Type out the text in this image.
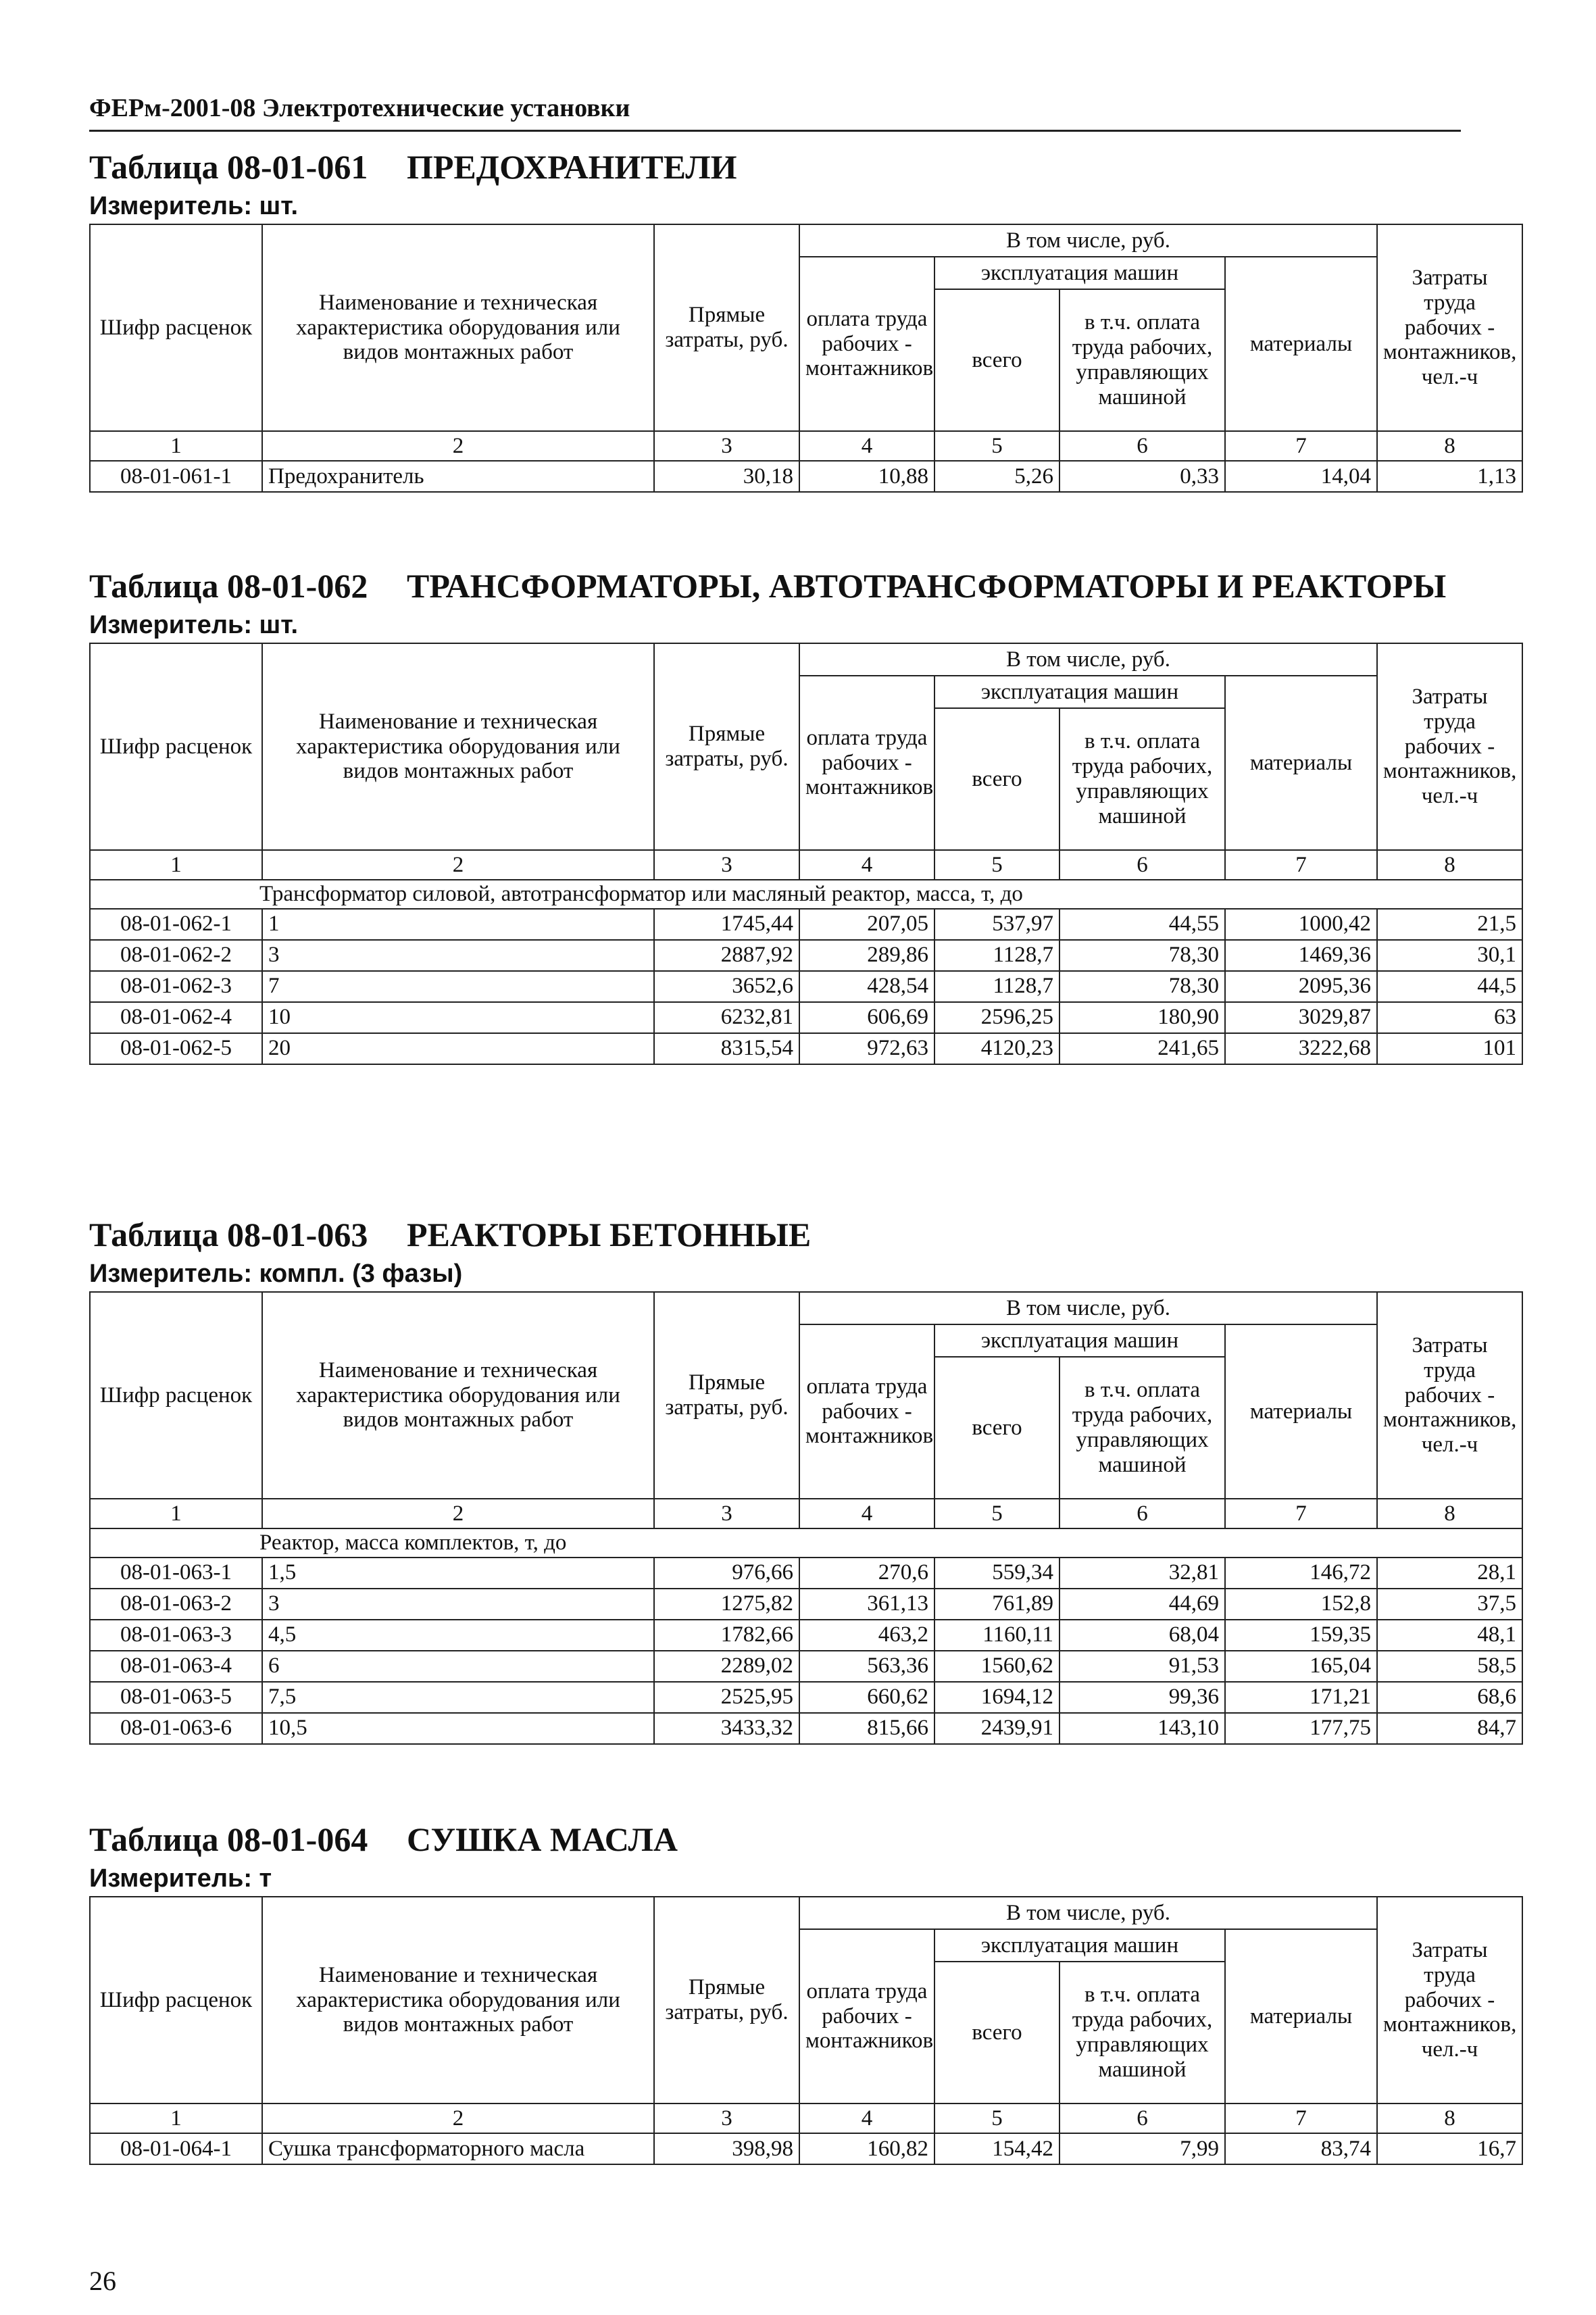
ФЕРм-2001-08 Электротехнические установки
Таблица 08-01-061 ПРЕДОХРАНИТЕЛИ
Измеритель: шт.
Шифр расценок	Наименование и техническая характеристика оборудования или видов монтажных работ	Прямые затраты, руб.	В том числе, руб.				Затраты труда рабочих - монтажников, чел.-ч
			оплата труда рабочих - монтажников	эксплуатация машин		материалы	
				всего	в т.ч. оплата труда рабочих, управляющих машиной		
1	2	3	4	5	6	7	8
08-01-061-1	Предохранитель	30,18	10,88	5,26	0,33	14,04	1,13
Таблица 08-01-062 ТРАНСФОРМАТОРЫ, АВТОТРАНСФОРМАТОРЫ И РЕАКТОРЫ
Измеритель: шт.
Шифр расценок	Наименование и техническая характеристика оборудования или видов монтажных работ	Прямые затраты, руб.	В том числе, руб.				Затраты труда рабочих - монтажников, чел.-ч
			оплата труда рабочих - монтажников	эксплуатация машин		материалы	
				всего	в т.ч. оплата труда рабочих, управляющих машиной		
1	2	3	4	5	6	7	8
Трансформатор силовой, автотрансформатор или масляный реактор, масса, т, до							
08-01-062-1	1	1745,44	207,05	537,97	44,55	1000,42	21,5
08-01-062-2	3	2887,92	289,86	1128,7	78,30	1469,36	30,1
08-01-062-3	7	3652,6	428,54	1128,7	78,30	2095,36	44,5
08-01-062-4	10	6232,81	606,69	2596,25	180,90	3029,87	63
08-01-062-5	20	8315,54	972,63	4120,23	241,65	3222,68	101
Таблица 08-01-063 РЕАКТОРЫ БЕТОННЫЕ
Измеритель: компл. (3 фазы)
Шифр расценок	Наименование и техническая характеристика оборудования или видов монтажных работ	Прямые затраты, руб.	В том числе, руб.				Затраты труда рабочих - монтажников, чел.-ч
			оплата труда рабочих - монтажников	эксплуатация машин		материалы	
				всего	в т.ч. оплата труда рабочих, управляющих машиной		
1	2	3	4	5	6	7	8
Реактор, масса комплектов, т, до							
08-01-063-1	1,5	976,66	270,6	559,34	32,81	146,72	28,1
08-01-063-2	3	1275,82	361,13	761,89	44,69	152,8	37,5
08-01-063-3	4,5	1782,66	463,2	1160,11	68,04	159,35	48,1
08-01-063-4	6	2289,02	563,36	1560,62	91,53	165,04	58,5
08-01-063-5	7,5	2525,95	660,62	1694,12	99,36	171,21	68,6
08-01-063-6	10,5	3433,32	815,66	2439,91	143,10	177,75	84,7
Таблица 08-01-064 СУШКА МАСЛА
Измеритель: т
Шифр расценок	Наименование и техническая характеристика оборудования или видов монтажных работ	Прямые затраты, руб.	В том числе, руб.				Затраты труда рабочих - монтажников, чел.-ч
			оплата труда рабочих - монтажников	эксплуатация машин		материалы	
				всего	в т.ч. оплата труда рабочих, управляющих машиной		
1	2	3	4	5	6	7	8
08-01-064-1	Сушка трансформаторного масла	398,98	160,82	154,42	7,99	83,74	16,7
26
